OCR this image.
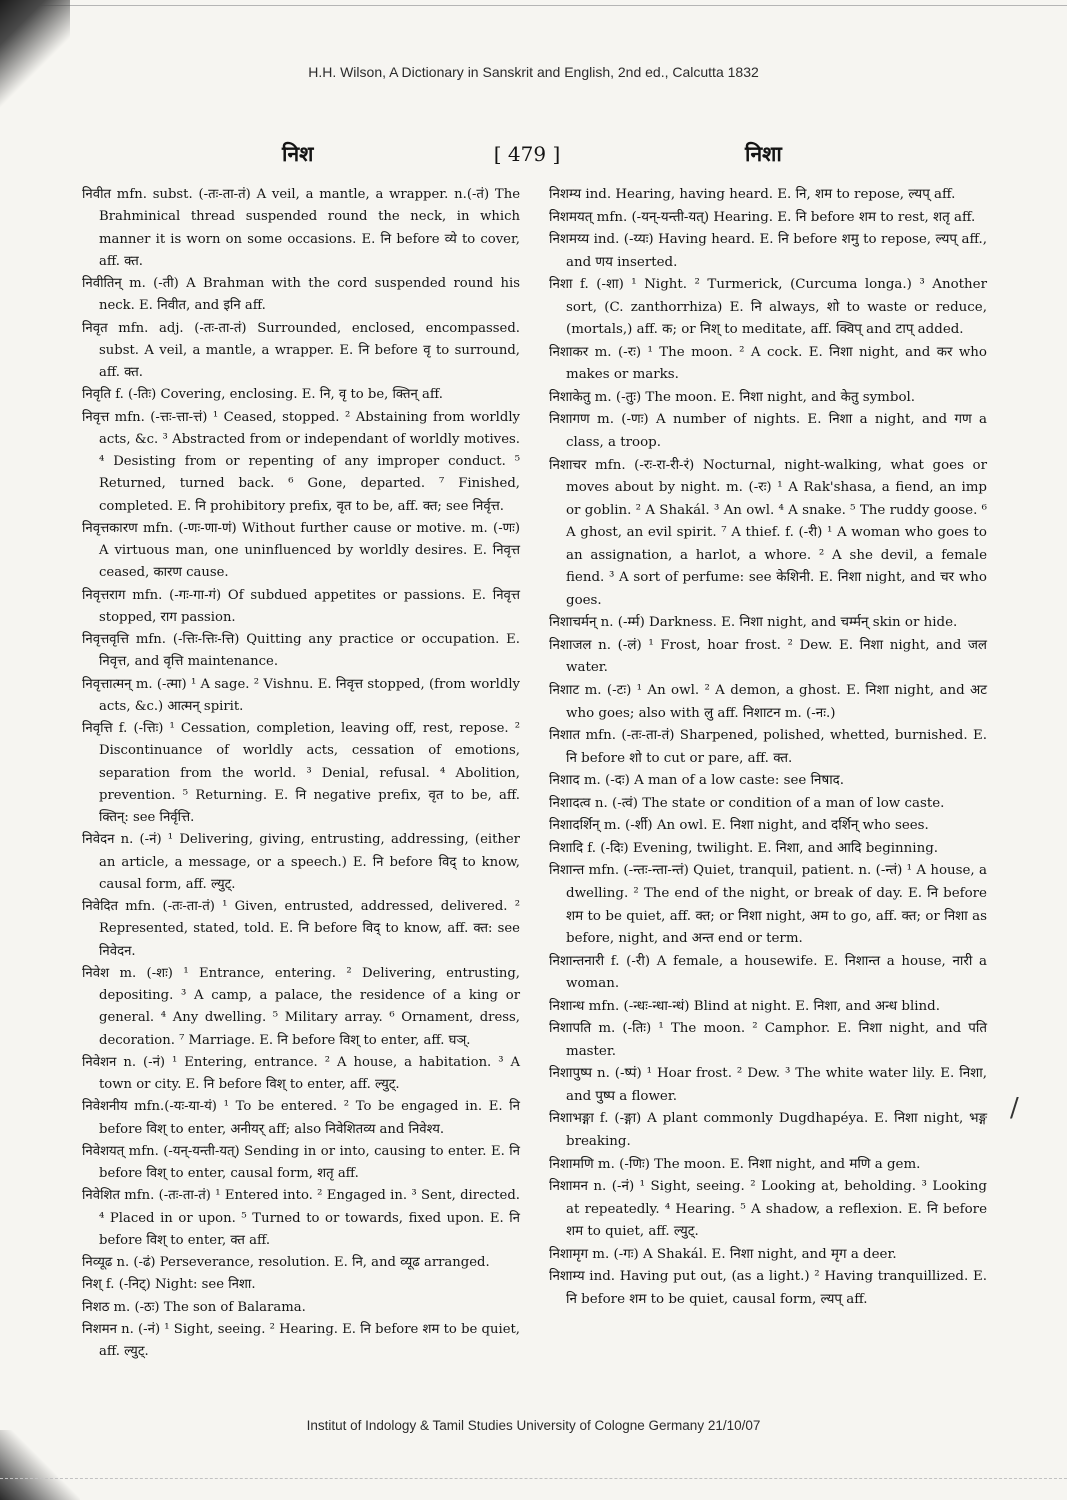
H.H. Wilson, A Dictionary in Sanskrit and English, 2nd ed., Calcutta 1832
निश	[ 479 ]	निशा

निवीत mfn. subst. (-तः-ता-तं) A veil, a mantle, a wrapper. n.(-तं) The Brahminical thread suspended round the neck, in which manner it is worn on some occasions. E. नि before व्ये to cover, aff. क्त.

निवीतिन् m. (-ती) A Brahman with the cord suspended round his neck. E. निवीत, and इनि aff.

निवृत mfn. adj. (-तः-ता-तं) Surrounded, enclosed, encompassed. subst. A veil, a mantle, a wrapper. E. नि before वृ to surround, aff. क्त.

निवृति f. (-तिः) Covering, enclosing. E. नि, वृ to be, क्तिन् aff.

निवृत्त mfn. (-त्तः-त्ता-त्तं) ¹ Ceased, stopped. ² Abstaining from worldly acts, &c. ³ Abstracted from or independant of worldly motives. ⁴ Desisting from or repenting of any improper conduct. ⁵ Returned, turned back. ⁶ Gone, departed. ⁷ Finished, completed. E. नि prohibitory prefix, वृत to be, aff. क्त; see निर्वृत्त.

निवृत्तकारण mfn. (-णः-णा-णं) Without further cause or motive. m. (-णः) A virtuous man, one uninfluenced by worldly desires. E. निवृत्त ceased, कारण cause.

निवृत्तराग mfn. (-गः-गा-गं) Of subdued appetites or passions. E. निवृत्त stopped, राग passion.

निवृत्तवृत्ति mfn. (-त्तिः-त्तिः-त्ति) Quitting any practice or occupation. E. निवृत्त, and वृत्ति maintenance.

निवृत्तात्मन् m. (-त्मा) ¹ A sage. ² Vishnu. E. निवृत्त stopped, (from worldly acts, &c.) आत्मन् spirit.

निवृत्ति f. (-त्तिः) ¹ Cessation, completion, leaving off, rest, repose. ² Discontinuance of worldly acts, cessation of emotions, separation from the world. ³ Denial, refusal. ⁴ Abolition, prevention. ⁵ Returning. E. नि negative prefix, वृत to be, aff. क्तिन्: see निर्वृत्ति.

निवेदन n. (-नं) ¹ Delivering, giving, entrusting, addressing, (either an article, a message, or a speech.) E. नि before विद् to know, causal form, aff. ल्युट्.

निवेदित mfn. (-तः-ता-तं) ¹ Given, entrusted, addressed, delivered. ² Represented, stated, told. E. नि before विद् to know, aff. क्त: see निवेदन.

निवेश m. (-शः) ¹ Entrance, entering. ² Delivering, entrusting, depositing. ³ A camp, a palace, the residence of a king or general. ⁴ Any dwelling. ⁵ Military array. ⁶ Ornament, dress, decoration. ⁷ Marriage. E. नि before विश् to enter, aff. घञ्.

निवेशन n. (-नं) ¹ Entering, entrance. ² A house, a habitation. ³ A town or city. E. नि before विश् to enter, aff. ल्युट्.

निवेशनीय mfn.(-यः-या-यं) ¹ To be entered. ² To be engaged in. E. नि before विश् to enter, अनीयर् aff; also निवेशितव्य and निवेश्य.

निवेशयत् mfn. (-यन्-यन्ती-यत्) Sending in or into, causing to enter. E. नि before विश् to enter, causal form, शतृ aff.

निवेशित mfn. (-तः-ता-तं) ¹ Entered into. ² Engaged in. ³ Sent, directed. ⁴ Placed in or upon. ⁵ Turned to or towards, fixed upon. E. नि before विश् to enter, क्त aff.

निव्यूढ n. (-ढं) Perseverance, resolution. E. नि, and व्यूढ arranged.

निश् f. (-निट्) Night: see निशा.

निशठ m. (-ठः) The son of Balarama.

निशमन n. (-नं) ¹ Sight, seeing. ² Hearing. E. नि before शम to be quiet, aff. ल्युट्.

निशम्य ind. Hearing, having heard. E. नि, शम to repose, ल्यप् aff.

निशमयत् mfn. (-यन्-यन्ती-यत्) Hearing. E. नि before शम to rest, शतृ aff.

निशमय्य ind. (-य्यः) Having heard. E. नि before शमु to repose, ल्यप् aff., and णय inserted.

निशा f. (-शा) ¹ Night. ² Turmerick, (Curcuma longa.) ³ Another sort, (C. zanthorrhiza) E. नि always, शो to waste or reduce, (mortals,) aff. क; or निश् to meditate, aff. क्विप् and टाप् added.

निशाकर m. (-रः) ¹ The moon. ² A cock. E. निशा night, and कर who makes or marks.

निशाकेतु m. (-तुः) The moon. E. निशा night, and केतु symbol.

निशागण m. (-णः) A number of nights. E. निशा a night, and गण a class, a troop.

निशाचर mfn. (-रः-रा-री-रं) Nocturnal, night-walking, what goes or moves about by night. m. (-रः) ¹ A Rak'shasa, a fiend, an imp or goblin. ² A Shakál. ³ An owl. ⁴ A snake. ⁵ The ruddy goose. ⁶ A ghost, an evil spirit. ⁷ A thief. f. (-री) ¹ A woman who goes to an assignation, a harlot, a whore. ² A she devil, a female fiend. ³ A sort of perfume: see केशिनी. E. निशा night, and चर who goes.

निशाचर्मन् n. (-र्म्म) Darkness. E. निशा night, and चर्म्मन् skin or hide.

निशाजल n. (-लं) ¹ Frost, hoar frost. ² Dew. E. निशा night, and जल water.

निशाट m. (-टः) ¹ An owl. ² A demon, a ghost. E. निशा night, and अट who goes; also with लु aff. निशाटन m. (-नः.)

निशात mfn. (-तः-ता-तं) Sharpened, polished, whetted, burnished. E. नि before शो to cut or pare, aff. क्त.

निशाद m. (-दः) A man of a low caste: see निषाद.

निशादत्व n. (-त्वं) The state or condition of a man of low caste.

निशादर्शिन् m. (-र्शी) An owl. E. निशा night, and दर्शिन् who sees.

निशादि f. (-दिः) Evening, twilight. E. निशा, and आदि beginning.

निशान्त mfn. (-न्तः-न्ता-न्तं) Quiet, tranquil, patient. n. (-न्तं) ¹ A house, a dwelling. ² The end of the night, or break of day. E. नि before शम to be quiet, aff. क्त; or निशा night, अम to go, aff. क्त; or निशा as before, night, and अन्त end or term.

निशान्तनारी f. (-री) A female, a housewife. E. निशान्त a house, नारी a woman.

निशान्ध mfn. (-न्धः-न्धा-न्धं) Blind at night. E. निशा, and अन्ध blind.

निशापति m. (-तिः) ¹ The moon. ² Camphor. E. निशा night, and पति master.

निशापुष्प n. (-ष्पं) ¹ Hoar frost. ² Dew. ³ The white water lily. E. निशा, and पुष्प a flower.

निशाभङ्गा f. (-ङ्गा) A plant commonly Dugdhapéya. E. निशा night, भङ्ग breaking.

निशामणि m. (-णिः) The moon. E. निशा night, and मणि a gem.

निशामन n. (-नं) ¹ Sight, seeing. ² Looking at, beholding. ³ Looking at repeatedly. ⁴ Hearing. ⁵ A shadow, a reflexion. E. नि before शम to quiet, aff. ल्युट्.

निशामृग m. (-गः) A Shakál. E. निशा night, and मृग a deer.

निशाम्य ind. Having put out, (as a light.) ² Having tranquillized. E. नि before शम to be quiet, causal form, ल्यप् aff.

/
Institut of Indology & Tamil Studies University of Cologne Germany 21/10/07
